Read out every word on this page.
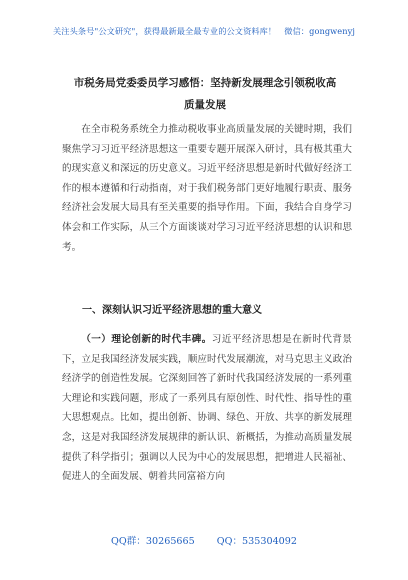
关注头条号"公文研究"，获得最新最全最专业的公文资料库！ 微信：gongwenyj
市税务局党委委员学习感悟：坚持新发展理念引领税收高
质量发展

在全市税务系统全力推动税收事业高质量发展的关键时期，我们聚焦学习习近平经济思想这一重要专题开展深入研讨，具有极其重大的现实意义和深远的历史意义。习近平经济思想是新时代做好经济工作的根本遵循和行动指南，对于我们税务部门更好地履行职责、服务经济社会发展大局具有至关重要的指导作用。下面，我结合自身学习体会和工作实际，从三个方面谈谈对学习习近平经济思想的认识和思考。

一、深刻认识习近平经济思想的重大意义

（一）理论创新的时代丰碑。习近平经济思想是在新时代背景下，立足我国经济发展实践，顺应时代发展潮流，对马克思主义政治经济学的创造性发展。它深刻回答了新时代我国经济发展的一系列重大理论和实践问题，形成了一系列具有原创性、时代性、指导性的重大思想观点。比如，提出创新、协调、绿色、开放、共享的新发展理念，这是对我国经济发展规律的新认识、新概括，为推动高质量发展提供了科学指引；强调以人民为中心的发展思想，把增进人民福祉、促进人的全面发展、朝着共同富裕方向

QQ群：30265665 QQ：535304092
